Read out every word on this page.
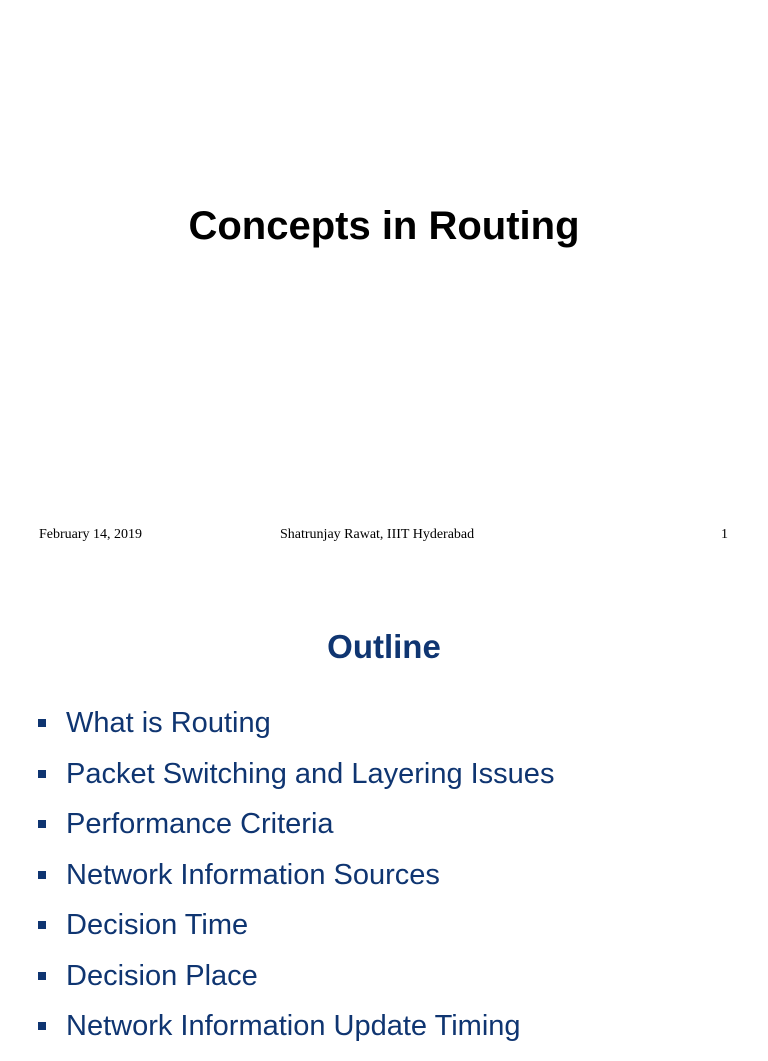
Concepts in Routing
February 14, 2019	Shatrunjay Rawat, IIIT Hyderabad	1
Outline
What is Routing
Packet Switching and Layering Issues
Performance Criteria
Network Information Sources
Decision Time
Decision Place
Network Information Update Timing
